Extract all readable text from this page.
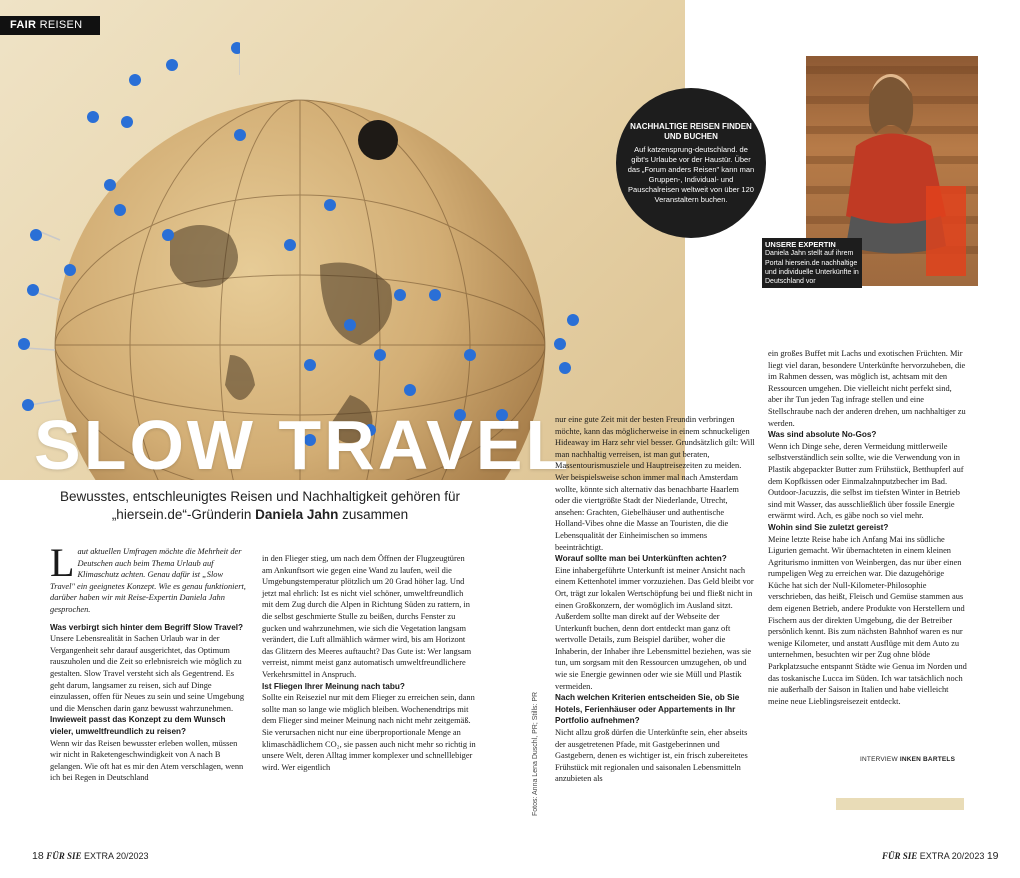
FAIR REISEN
SLOW TRAVEL
Bewusstes, entschleunigtes Reisen und Nachhaltigkeit gehören für „hiersein.de“-Gründerin Daniela Jahn zusammen
NACHHALTIGE REISEN FINDEN UND BUCHEN
Auf katzensprung-deutschland. de gibt's Urlaube vor der Haustür. Über das „Forum anders Reisen" kann man Gruppen-, Individual- und Pauschalreisen weltweit von über 120 Veranstaltern buchen.
UNSERE EXPERTIN
Daniela Jahn stellt auf ihrem Portal hiersein.de nachhaltige und individuelle Unterkünfte in Deutschland vor

Laut aktuellen Umfragen möchte die Mehrheit der Deutschen auch beim Thema Urlaub auf Klimaschutz achten. Genau dafür ist „Slow Travel" ein geeignetes Konzept. Wie es genau funktioniert, darüber haben wir mit Reise-Expertin Daniela Jahn gesprochen.

Was verbirgt sich hinter dem Begriff Slow Travel?

Unsere Lebensrealität in Sachen Urlaub war in der Vergangenheit sehr darauf ausgerichtet, das Optimum rauszuholen und die Zeit so erlebnisreich wie möglich zu gestalten. Slow Travel versteht sich als Gegentrend. Es geht darum, langsamer zu reisen, sich auf Dinge einzulassen, offen für Neues zu sein und seine Umgebung und die Menschen darin ganz bewusst wahrzunehmen.

Inwieweit passt das Konzept zu dem Wunsch vieler, umweltfreundlich zu reisen?

Wenn wir das Reisen bewusster erleben wollen, müssen wir nicht in Raketengeschwindigkeit von A nach B gelangen. Wie oft hat es mir den Atem verschlagen, wenn ich bei Regen in Deutschland

in den Flieger stieg, um nach dem Öffnen der Flugzeugtüren am Ankunftsort wie gegen eine Wand zu laufen, weil die Umgebungstemperatur plötzlich um 20 Grad höher lag. Und jetzt mal ehrlich: Ist es nicht viel schöner, umweltfreundlich mit dem Zug durch die Alpen in Richtung Süden zu rattern, in die selbst geschmierte Stulle zu beißen, durchs Fenster zu gucken und wahrzunehmen, wie sich die Vegetation langsam verändert, die Luft allmählich wärmer wird, bis am Horizont das Glitzern des Meeres auftaucht? Das Gute ist: Wer langsam verreist, nimmt meist ganz automatisch umweltfreundlichere Verkehrsmittel in Anspruch.

Ist Fliegen Ihrer Meinung nach tabu?

Sollte ein Reiseziel nur mit dem Flieger zu erreichen sein, dann sollte man so lange wie möglich bleiben. Wochenendtrips mit dem Flieger sind meiner Meinung nach nicht mehr zeitgemäß. Sie verursachen nicht nur eine überproportionale Menge an klimaschädlichem CO₂, sie passen auch nicht mehr so richtig in unsere Welt, deren Alltag immer komplexer und schnelllebiger wird. Wer eigentlich	Fotos: Anna Lena Duschl, PR; Stills: PR

nur eine gute Zeit mit der besten Freundin verbringen möchte, kann das möglicherweise in einem schnuckeligen Hideaway im Harz sehr viel besser. Grundsätzlich gilt: Will man nachhaltig verreisen, ist man gut beraten, Massentourismusziele und Hauptreisezeiten zu meiden. Wer beispielsweise schon immer mal nach Amsterdam wollte, könnte sich alternativ das benachbarte Haarlem oder die viertgrößte Stadt der Niederlande, Utrecht, ansehen: Grachten, Giebelhäuser und authentische Holland-Vibes ohne die Masse an Touristen, die die Lebensqualität der Einheimischen so immens beeinträchtigt.

Worauf sollte man bei Unterkünften achten?

Eine inhabergeführte Unterkunft ist meiner Ansicht nach einem Kettenhotel immer vorzuziehen. Das Geld bleibt vor Ort, trägt zur lokalen Wertschöpfung bei und fließt nicht in einen Großkonzern, der womöglich im Ausland sitzt. Außerdem sollte man direkt auf der Webseite der Unterkunft buchen, denn dort entdeckt man ganz oft wertvolle Details, zum Beispiel darüber, woher die Inhaberin, der Inhaber ihre Lebensmittel beziehen, was sie tun, um sorgsam mit den Ressourcen umzugehen, ob und wie sie Energie gewinnen oder wie sie Müll und Plastik vermeiden.

Nach welchen Kriterien entscheiden Sie, ob Sie Hotels, Ferienhäuser oder Appartements in Ihr Portfolio aufnehmen?

Nicht allzu groß dürfen die Unterkünfte sein, eher abseits der ausgetretenen Pfade, mit Gastgeberinnen und Gastgebern, denen es wichtiger ist, ein frisch zubereitetes Frühstück mit regionalen und saisonalen Lebensmitteln anzubieten als

ein großes Buffet mit Lachs und exotischen Früchten. Mir liegt viel daran, besondere Unterkünfte hervorzuheben, die im Rahmen dessen, was möglich ist, achtsam mit den Ressourcen umgehen. Die vielleicht nicht perfekt sind, aber ihr Tun jeden Tag infrage stellen und eine Stellschraube nach der anderen drehen, um nachhaltiger zu werden.

Was sind absolute No-Gos?

Wenn ich Dinge sehe, deren Vermeidung mittlerweile selbstverständlich sein sollte, wie die Verwendung von in Plastik abgepackter Butter zum Frühstück, Betthupferl auf dem Kopfkissen oder Einmalzahnputzbecher im Bad. Outdoor-Jacuzzis, die selbst im tiefsten Winter in Betrieb sind mit Wasser, das ausschließlich über fossile Energie erwärmt wird. Ach, es gäbe noch so viel mehr.

Wohin sind Sie zuletzt gereist?

Meine letzte Reise habe ich Anfang Mai ins südliche Ligurien gemacht. Wir übernachteten in einem kleinen Agriturismo inmitten von Weinbergen, das nur über einen rumpeligen Weg zu erreichen war. Die dazugehörige Küche hat sich der Null-Kilometer-Philosophie verschrieben, das heißt, Fleisch und Gemüse stammen aus dem eigenen Betrieb, andere Produkte von Herstellern und Fischern aus der direkten Umgebung, die der Betreiber persönlich kennt. Bis zum nächsten Bahnhof waren es nur wenige Kilometer, und anstatt Ausflüge mit dem Auto zu unternehmen, besuchten wir per Zug ohne blöde Parkplatzsuche entspannt Städte wie Genua im Norden und das toskanische Lucca im Süden. Ich war tatsächlich noch nie außerhalb der Saison in Italien und habe vielleicht meine neue Lieblingsreisezeit entdeckt.

INTERVIEW INKEN BARTELS
18 FÜR SIE EXTRA 20/2023	FÜR SIE EXTRA 20/2023 19
